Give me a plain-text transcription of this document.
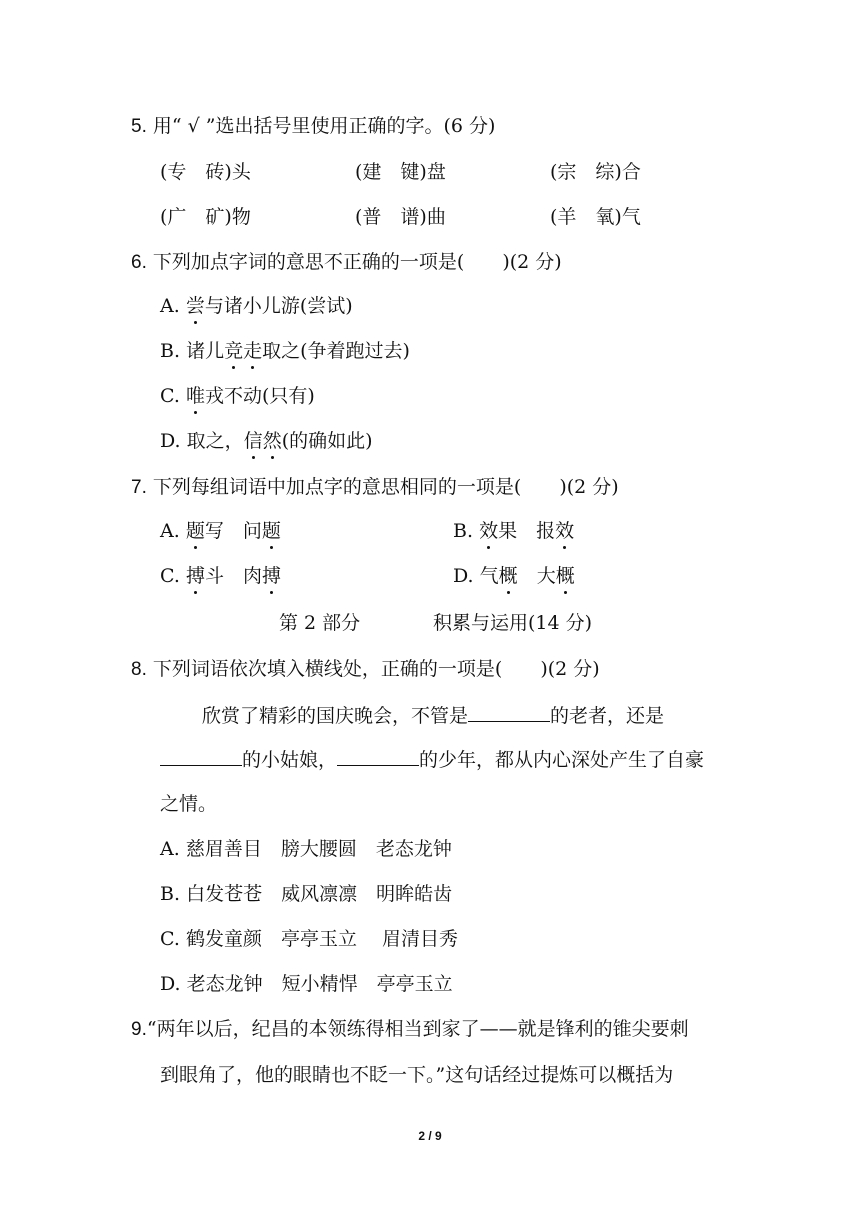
5. 用“ √ ”选出括号里使用正确的字。(6 分)
(专　砖)头	(建　键)盘	(宗　综)合
(广　矿)物	(普　谱)曲	(羊　氧)气
6. 下列加点字词的意思不正确的一项是(　　)(2 分)
A. 尝与诸小儿游(尝试)
B. 诸儿竞走取之(争着跑过去)
C. 唯戎不动(只有)
D. 取之，信然(的确如此)
7. 下列每组词语中加点字的意思相同的一项是(　　)(2 分)
A. 题写　 问题	B. 效果　 报效
C. 搏斗　 肉搏	D. 气概　 大概
第 2 部分	积累与运用(14 分)
8. 下列词语依次填入横线处，正确的一项是(　　)(2 分)
欣赏了精彩的国庆晚会，不管是	的老者，还是
的小姑娘，	的少年，都从内心深处产生了自豪
之情。
A. 慈眉善目　膀大腰圆　老态龙钟
B. 白发苍苍　威风凛凛　明眸皓齿
C. 鹤发童颜　亭亭玉立　 眉清目秀
D. 老态龙钟　短小精悍　亭亭玉立
9.“两年以后，纪昌的本领练得相当到家了——就是锋利的锥尖要刺
到眼角了，他的眼睛也不眨一下。”这句话经过提炼可以概括为
2 / 9
